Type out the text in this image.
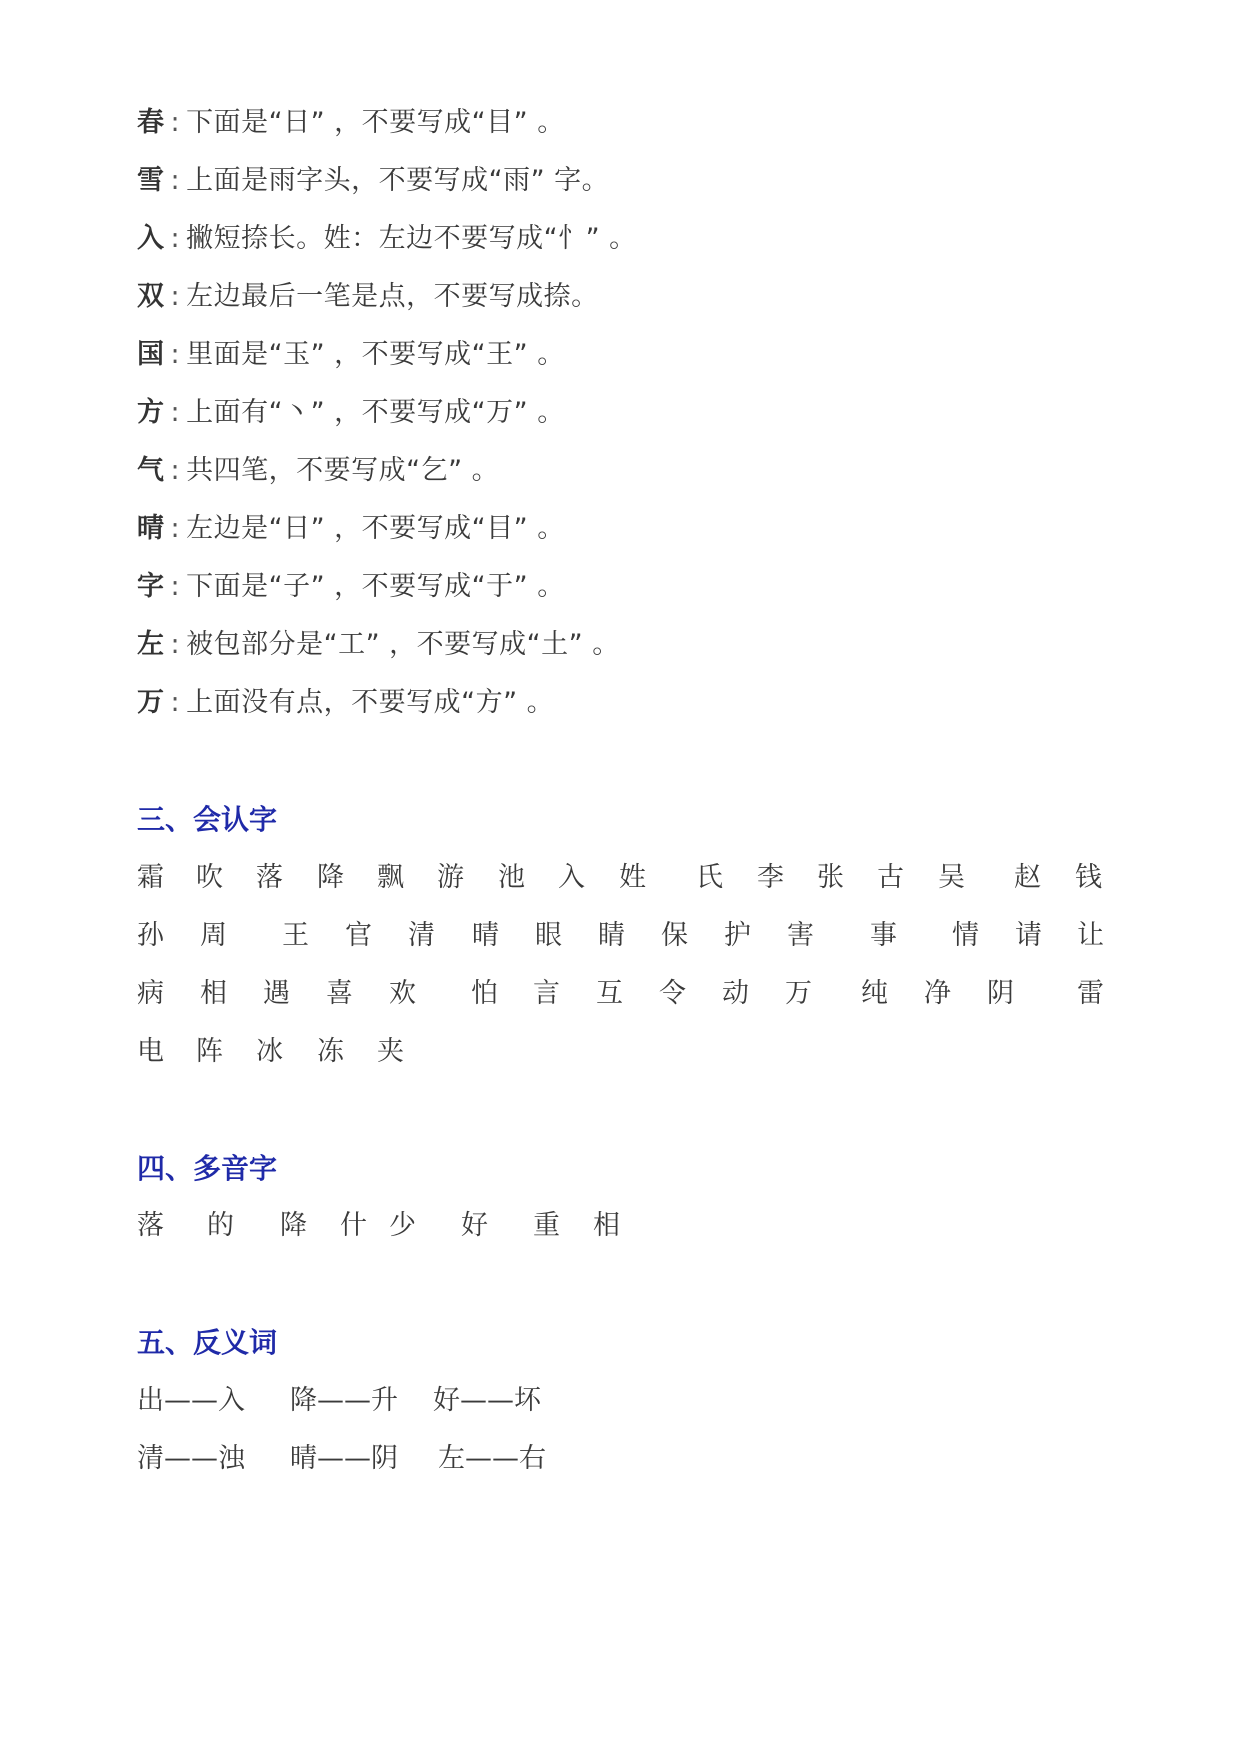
春 : 下面是“日” ，不要写成“目” 。
雪 : 上面是雨字头，不要写成“雨” 字。
入 : 撇短捺长。姓：左边不要写成“忄” 。
双 : 左边最后一笔是点，不要写成捺。
国 : 里面是“玉” ，不要写成“王” 。
方 : 上面有“丶” ，不要写成“万” 。
气 : 共四笔，不要写成“乞” 。
晴 : 左边是“日” ，不要写成“目” 。
字 : 下面是“子” ，不要写成“于” 。
左 : 被包部分是“工” ，不要写成“土” 。
万 : 上面没有点，不要写成“方” 。
三、会认字
霜 吹 落 降 飘 游 池 入 姓 氏 李 张 古 吴 赵 钱
孙 周 王 官 清 晴 眼 睛 保 护 害 事 情 请 让
病 相 遇 喜 欢 怕 言 互 令 动 万 纯 净 阴 雷
电 阵 冰 冻 夹
四、多音字
落 的 降 什 少 好 重 相
五、反义词
出——入 降——升 好——坏
清——浊 晴——阴 左——右
